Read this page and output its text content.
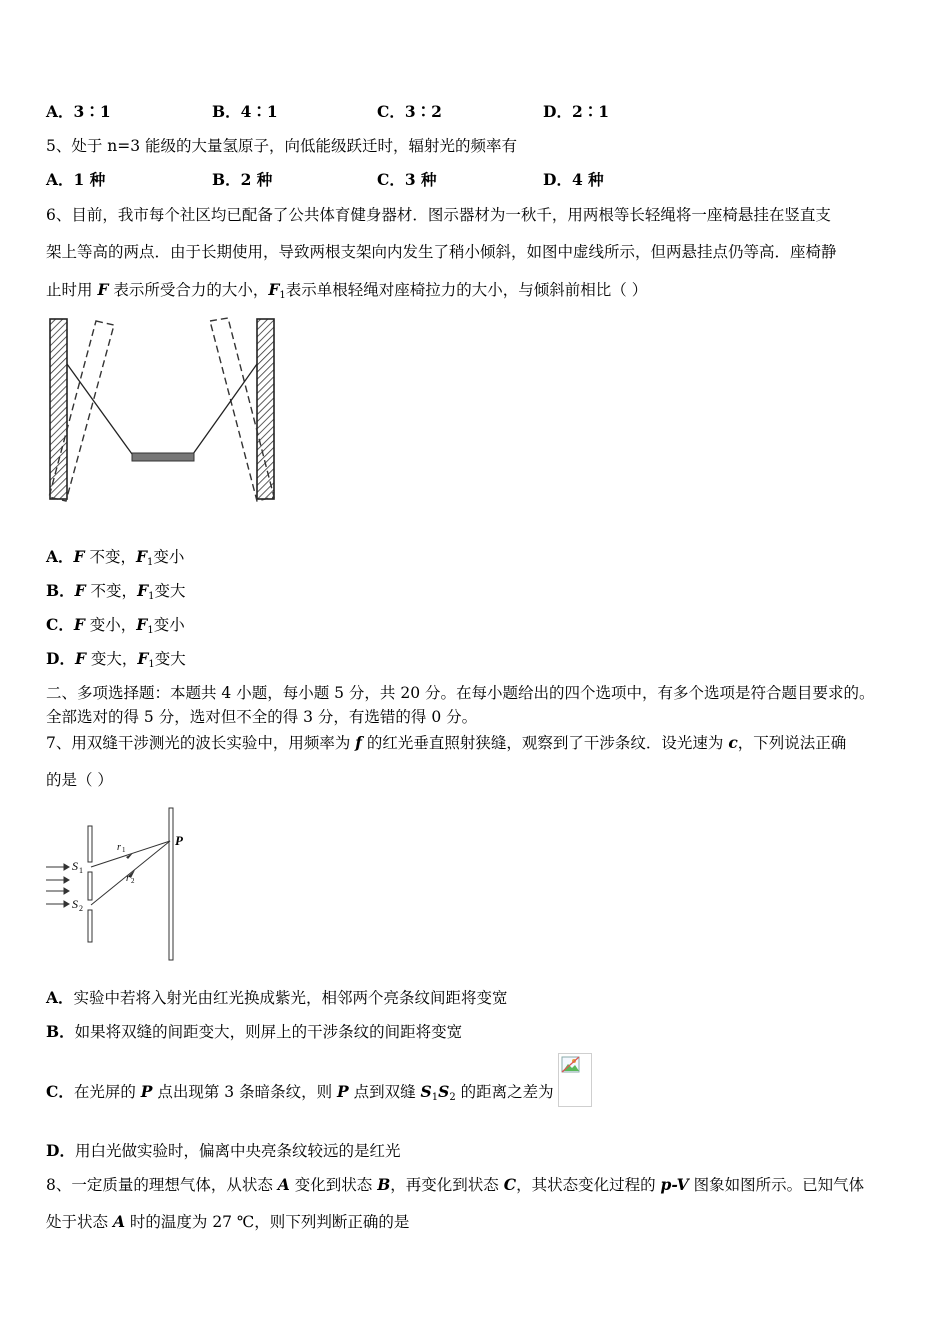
A．3∶1	B．4∶1	C．3∶2	D．2∶1
5、处于 n=3 能级的大量氢原子，向低能级跃迁时，辐射光的频率有
A．1 种	B．2 种	C．3 种	D．4 种
6、目前，我市每个社区均已配备了公共体育健身器材．图示器材为一秋千，用两根等长轻绳将一座椅悬挂在竖直支
架上等高的两点．由于长期使用，导致两根支架向内发生了稍小倾斜，如图中虚线所示，但两悬挂点仍等高．座椅静
止时用 F 表示所受合力的大小，$F_1$表示单根轻绳对座椅拉力的大小，与倾斜前相比（ ）
A．F 不变，$F_1$变小
B．F 不变，$F_1$变大
C．F 变小，$F_1$变小
D．F 变大，$F_1$变大
二、多项选择题：本题共 4 小题，每小题 5 分，共 20 分。在每小题给出的四个选项中，有多个选项是符合题目要求的。
全部选对的得 5 分，选对但不全的得 3 分，有选错的得 0 分。
7、用双缝干涉测光的波长实验中，用频率为 f 的红光垂直照射狭缝，观察到了干涉条纹．设光速为 c，下列说法正确
的是（ ）
P
S 1
S 2
r 1
r 2
A．实验中若将入射光由红光换成紫光，相邻两个亮条纹间距将变宽
B．如果将双缝的间距变大，则屏上的干涉条纹的间距将变宽
C．在光屏的 P 点出现第 3 条暗条纹，则 P 点到双缝 $S_1S_2$ 的距离之差为
D．用白光做实验时，偏离中央亮条纹较远的是红光
8、一定质量的理想气体，从状态 A 变化到状态 B，再变化到状态 C，其状态变化过程的 p-V 图象如图所示。已知气体
处于状态 A 时的温度为 27 ℃，则下列判断正确的是
